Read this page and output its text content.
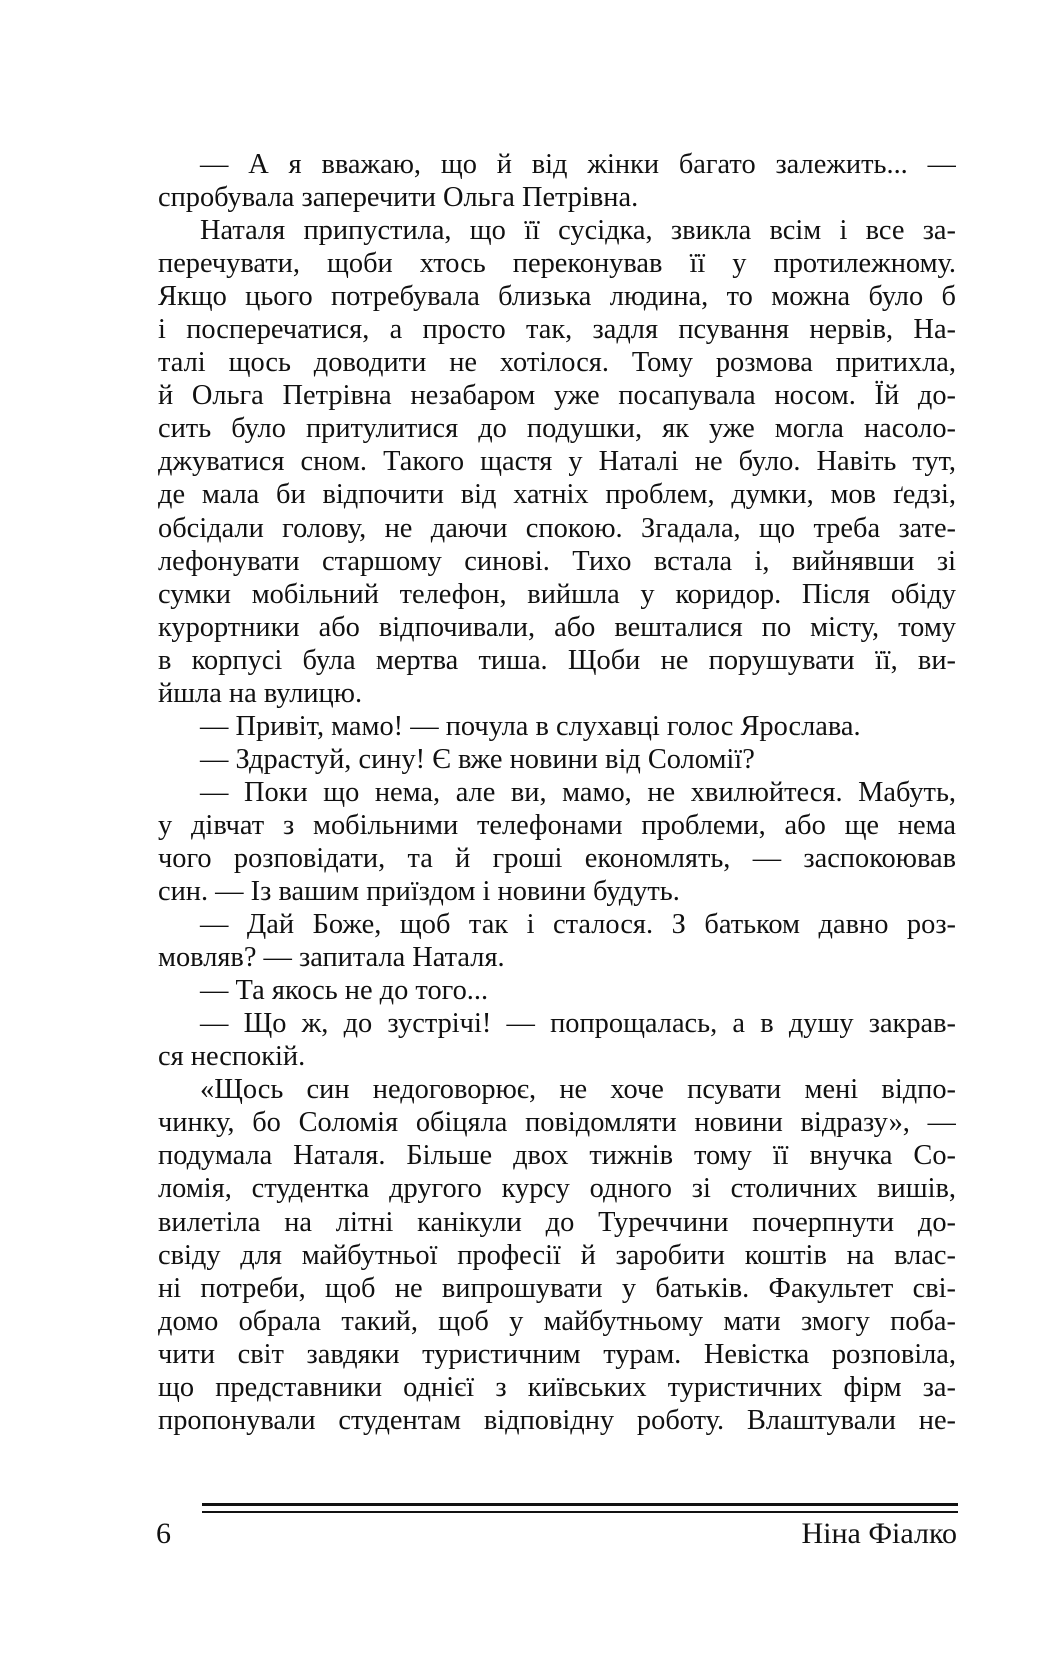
— А я вважаю, що й від жінки багато залежить... —
спробувала заперечити Ольга Петрівна.
Наталя припустила, що її сусідка, звикла всім і все за-
перечувати, щоби хтось переконував її у протилежному.
Якщо цього потребувала близька людина, то можна було б
і посперечатися, а просто так, задля псування нервів, На-
талі щось доводити не хотілося. Тому розмова притихла,
й Ольга Петрівна незабаром уже посапувала носом. Їй до-
сить було притулитися до подушки, як уже могла насоло-
джуватися сном. Такого щастя у Наталі не було. Навіть тут,
де мала би відпочити від хатніх проблем, думки, мов ґедзі,
обсідали голову, не даючи спокою. Згадала, що треба зате-
лефонувати старшому синові. Тихо встала і, вийнявши зі
сумки мобільний телефон, вийшла у коридор. Після обіду
курортники або відпочивали, або вешталися по місту, тому
в корпусі була мертва тиша. Щоби не порушувати її, ви-
йшла на вулицю.
— Привіт, мамо! — почула в слухавці голос Ярослава.
— Здрастуй, сину! Є вже новини від Соломії?
— Поки що нема, але ви, мамо, не хвилюйтеся. Мабуть,
у дівчат з мобільними телефонами проблеми, або ще нема
чого розповідати, та й гроші економлять, — заспокоював
син. — Із вашим приїздом і новини будуть.
— Дай Боже, щоб так і сталося. З батьком давно роз-
мовляв? — запитала Наталя.
— Та якось не до того...
— Що ж, до зустрічі! — попрощалась, а в душу закрав-
ся неспокій.
«Щось син недоговорює, не хоче псувати мені відпо-
чинку, бо Соломія обіцяла повідомляти новини відразу», —
подумала Наталя. Більше двох тижнів тому її внучка Со-
ломія, студентка другого курсу одного зі столичних вишів,
вилетіла на літні канікули до Туреччини почерпнути до-
свіду для майбутньої професії й заробити коштів на влас-
ні потреби, щоб не випрошувати у батьків. Факультет сві-
домо обрала такий, щоб у майбутньому мати змогу поба-
чити світ завдяки туристичним турам. Невістка розповіла,
що представники однієї з київських туристичних фірм за-
пропонували студентам відповідну роботу. Влаштували не-
6	Ніна Фіалко
